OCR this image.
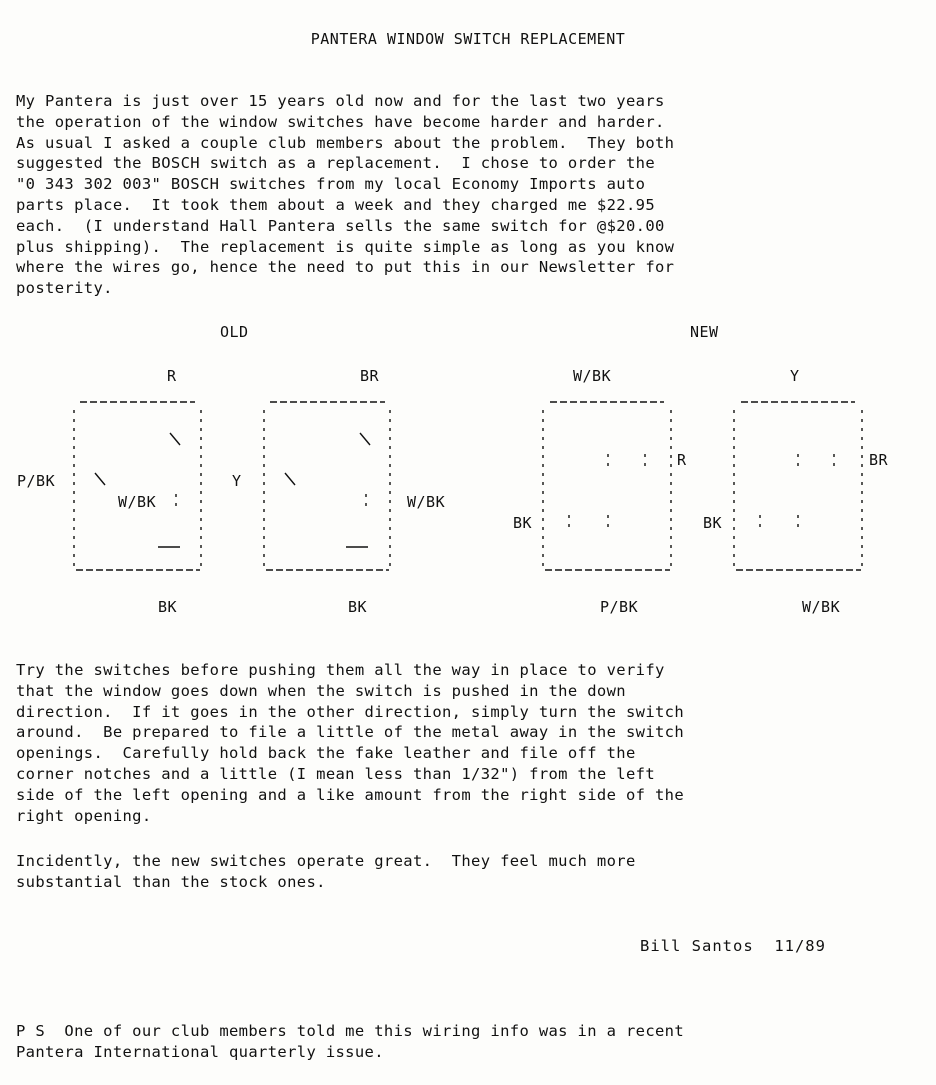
PANTERA WINDOW SWITCH REPLACEMENT
My Pantera is just over 15 years old now and for the last two years
the operation of the window switches have become harder and harder.
As usual I asked a couple club members about the problem.  They both
suggested the BOSCH switch as a replacement.  I chose to order the
"0 343 302 003" BOSCH switches from my local Economy Imports auto
parts place.  It took them about a week and they charged me $22.95
each.  (I understand Hall Pantera sells the same switch for @$20.00
plus shipping).  The replacement is quite simple as long as you know
where the wires go, hence the need to put this in our Newsletter for
posterity.
OLD	NEW
R
P/BK
W/BK
BK
BR
Y
W/BK
BK
W/BK
BK
R
P/BK
Y
BK
BR
W/BK
Try the switches before pushing them all the way in place to verify
that the window goes down when the switch is pushed in the down
direction.  If it goes in the other direction, simply turn the switch
around.  Be prepared to file a little of the metal away in the switch
openings.  Carefully hold back the fake leather and file off the
corner notches and a little (I mean less than 1/32") from the left
side of the left opening and a like amount from the right side of the
right opening.
Incidently, the new switches operate great.  They feel much more
substantial than the stock ones.
Bill Santos  11/89
P S  One of our club members told me this wiring info was in a recent
Pantera International quarterly issue.
